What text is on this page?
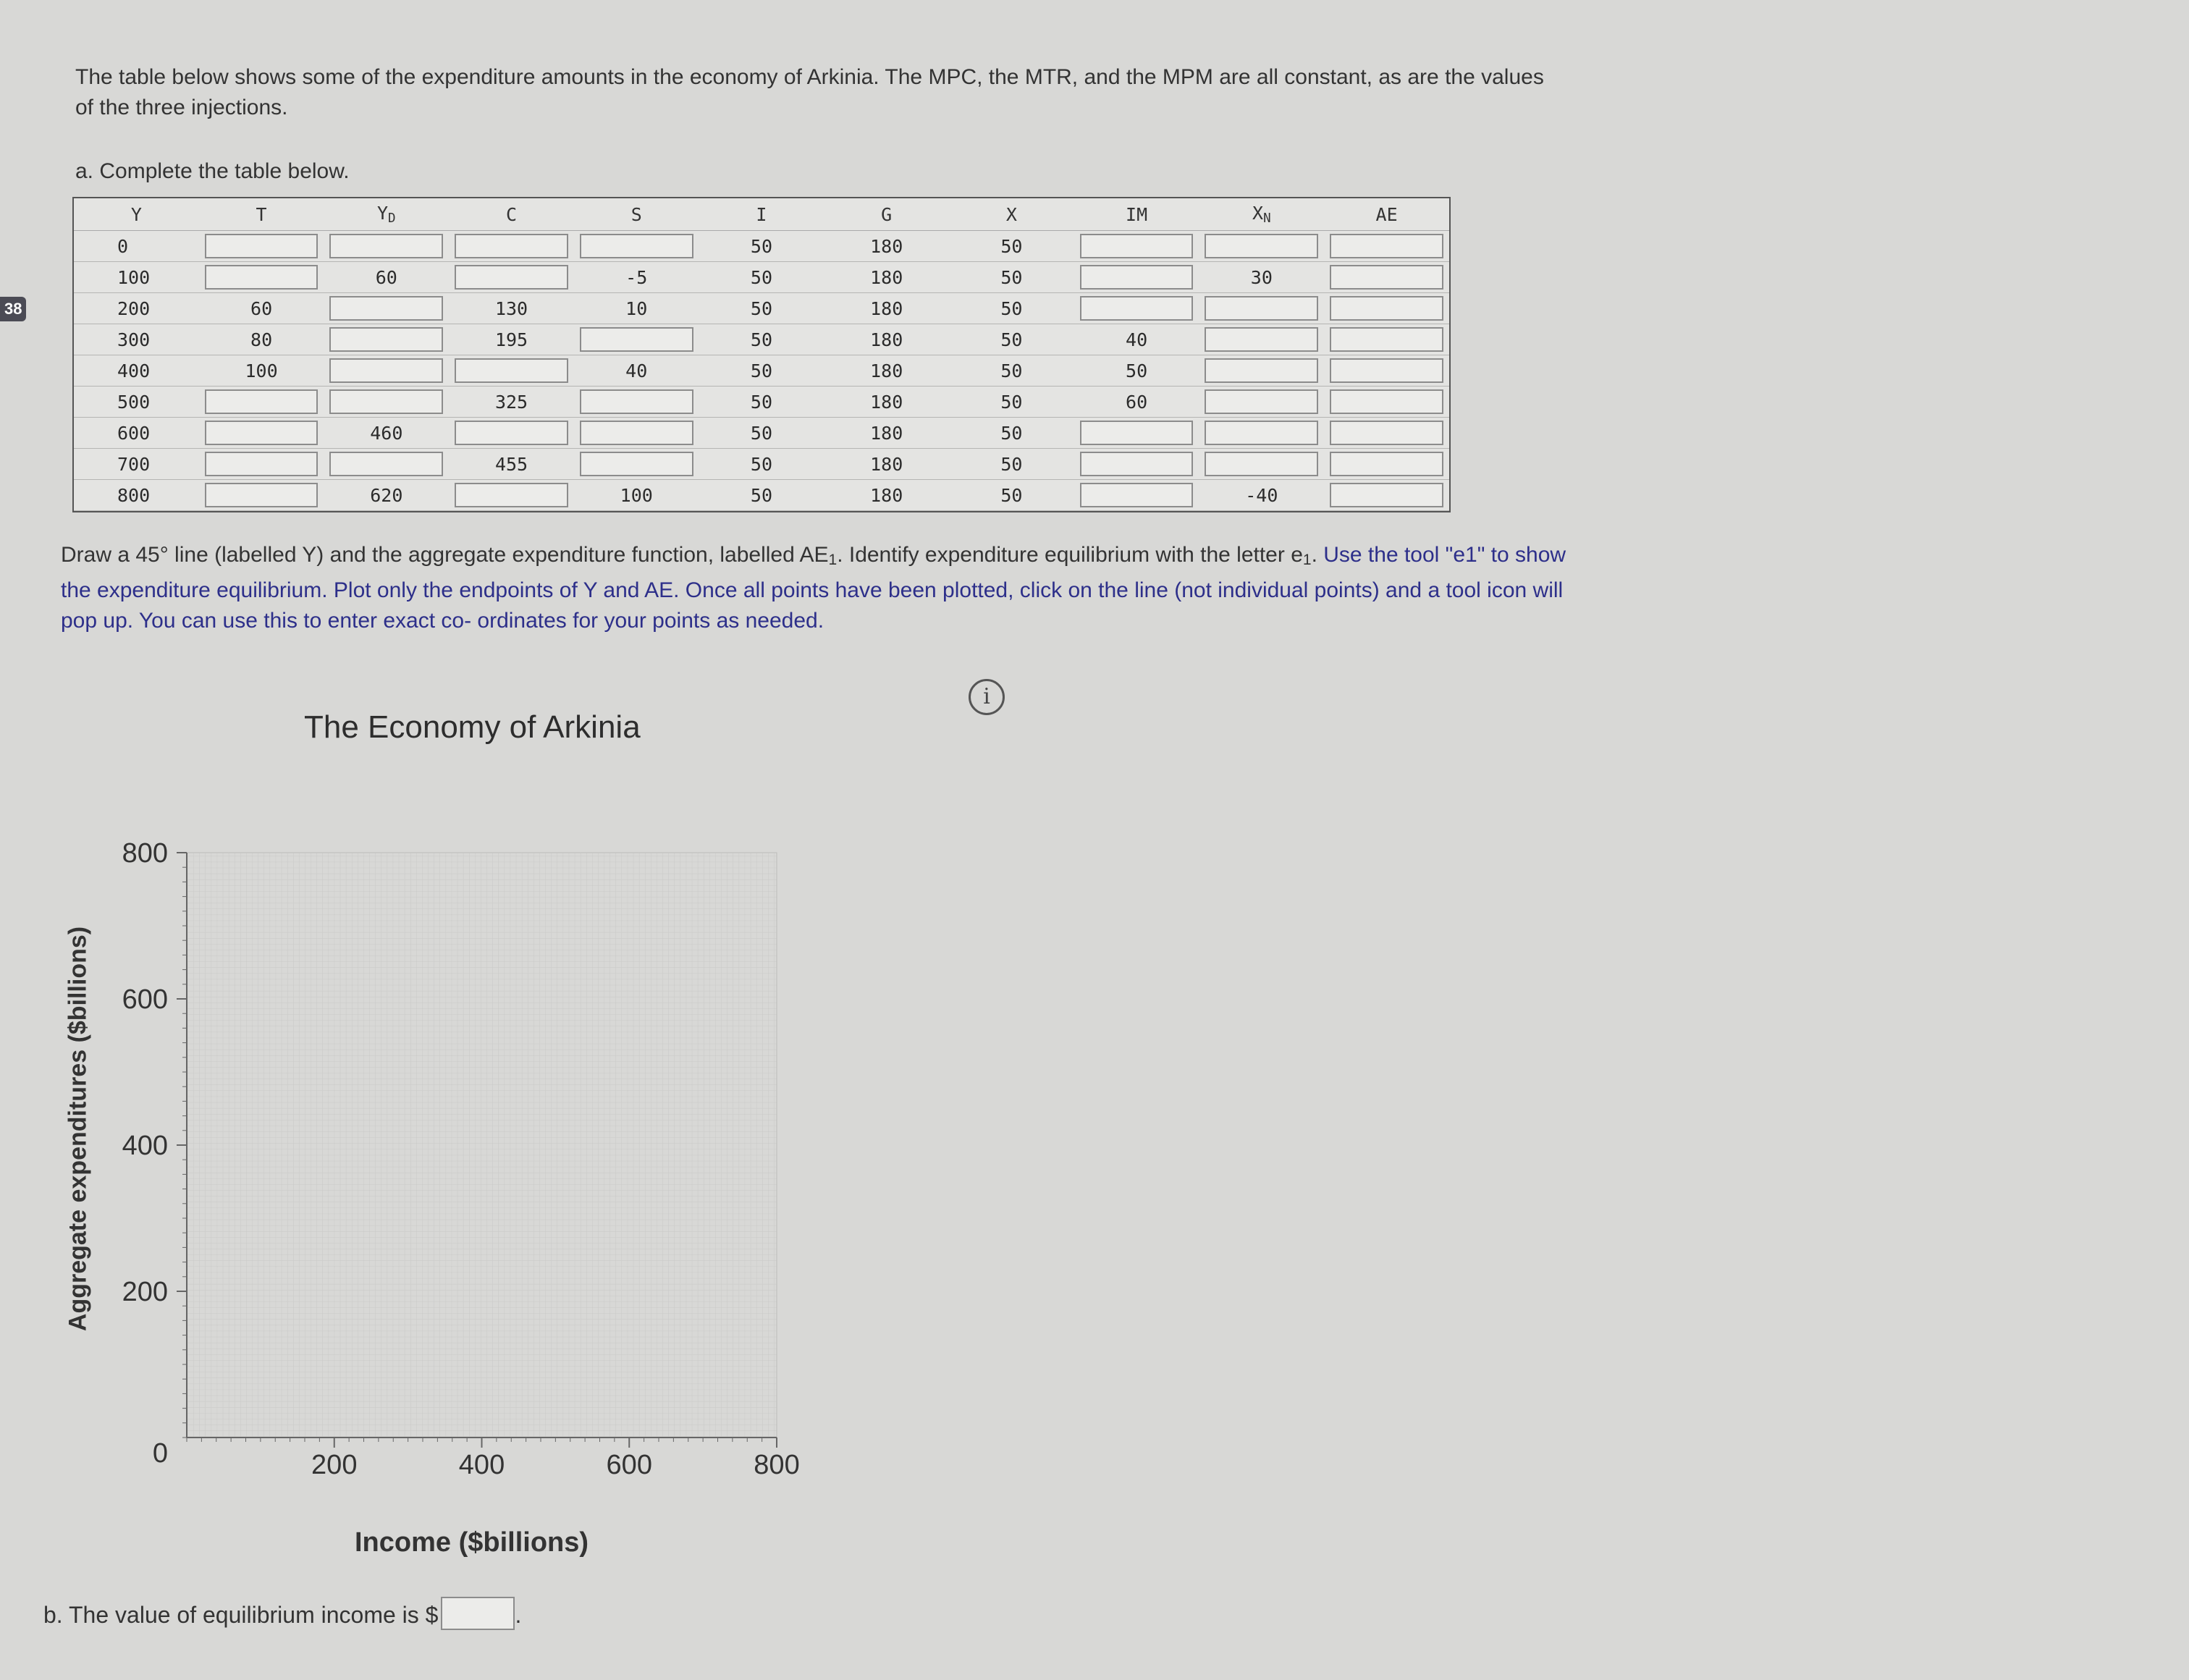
38
The table below shows some of the expenditure amounts in the economy of Arkinia. The MPC, the MTR, and the MPM are all constant, as are the values of the three injections.
a. Complete the table below.
Y	T	$Y_D$	C	S	I	G	X	IM	$X_N$	AE
0					50	180	50	

100		60		-5	50	180	50		30	

200	60		130	10	50	180	50	

300	80		195		50	180	50	40	

400	100			40	50	180	50	50	

500			325		50	180	50	60	

600		460			50	180	50	

700			455		50	180	50	

800		620		100	50	180	50		-40	
Draw a 45° line (labelled Y) and the aggregate expenditure function, labelled AE1. Identify expenditure equilibrium with the letter e1. Use the tool "e1" to show the expenditure equilibrium. Plot only the endpoints of Y and AE. Once all points have been plotted, click on the line (not individual points) and a tool icon will pop up. You can use this to enter exact co- ordinates for your points as needed.
i
The Economy of Arkinia
Aggregate expenditures ($billions)
Income ($billions)
200	400	600	800
800
600
400
200
0
b. The value of equilibrium income is $	.
